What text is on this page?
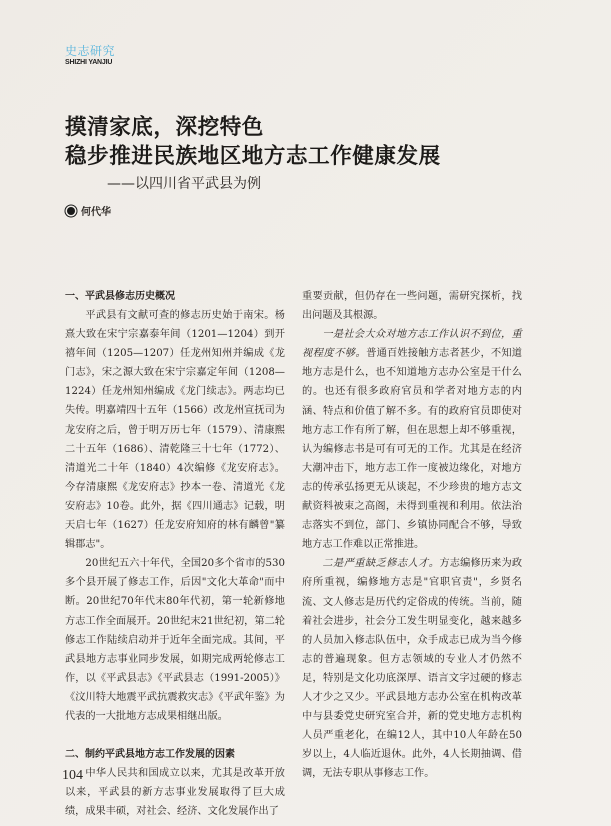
史志研究
SHIZHI YANJIU
摸清家底，深挖特色
稳步推进民族地区地方志工作健康发展
——以四川省平武县为例
何代华

一、平武县修志历史概况

平武县有文献可查的修志历史始于南宋。杨熹大致在宋宁宗嘉泰年间（1201—1204）到开禧年间（1205—1207）任龙州知州并编成《龙门志》，宋之源大致在宋宁宗嘉定年间（1208—1224）任龙州知州编成《龙门续志》。两志均已失传。明嘉靖四十五年（1566）改龙州宣抚司为龙安府之后，曾于明万历七年（1579）、清康熙二十五年（1686）、清乾隆三十七年（1772）、清道光二十年（1840）4次编修《龙安府志》。今存清康熙《龙安府志》抄本一卷、清道光《龙安府志》10卷。此外，据《四川通志》记载，明天启七年（1627）任龙安府知府的林有麟曾"纂辑郡志"。

20世纪五六十年代，全国20多个省市的530多个县开展了修志工作，后因"文化大革命"而中断。20世纪70年代末80年代初，第一轮新修地方志工作全面展开。20世纪末21世纪初，第二轮修志工作陆续启动并于近年全面完成。其间，平武县地方志事业同步发展，如期完成两轮修志工作，以《平武县志》《平武县志（1991-2005）》《汶川特大地震平武抗震救灾志》《平武年鉴》为代表的一大批地方志成果相继出版。

二、制约平武县地方志工作发展的因素

中华人民共和国成立以来，尤其是改革开放以来，平武县的新方志事业发展取得了巨大成绩，成果丰硕，对社会、经济、文化发展作出了

重要贡献，但仍存在一些问题，需研究探析，找出问题及其根源。

一是社会大众对地方志工作认识不到位，重视程度不够。普通百姓接触方志者甚少，不知道地方志是什么，也不知道地方志办公室是干什么的。也还有很多政府官员和学者对地方志的内涵、特点和价值了解不多。有的政府官员即使对地方志工作有所了解，但在思想上却不够重视，认为编修志书是可有可无的工作。尤其是在经济大潮冲击下，地方志工作一度被边缘化，对地方志的传承弘扬更无从谈起，不少珍贵的地方志文献资料被束之高阁，未得到重视和利用。依法治志落实不到位，部门、乡镇协同配合不够，导致地方志工作难以正常推进。

二是严重缺乏修志人才。方志编修历来为政府所重视，编修地方志是"官职官责"，乡贤名流、文人修志是历代约定俗成的传统。当前，随着社会进步，社会分工发生明显变化，越来越多的人员加入修志队伍中，众手成志已成为当今修志的普遍现象。但方志领域的专业人才仍然不足，特别是文化功底深厚、语言文字过硬的修志人才少之又少。平武县地方志办公室在机构改革中与县委党史研究室合并，新的党史地方志机构人员严重老化，在编12人，其中10人年龄在50岁以上，4人临近退休。此外，4人长期抽调、借调，无法专职从事修志工作。

104
